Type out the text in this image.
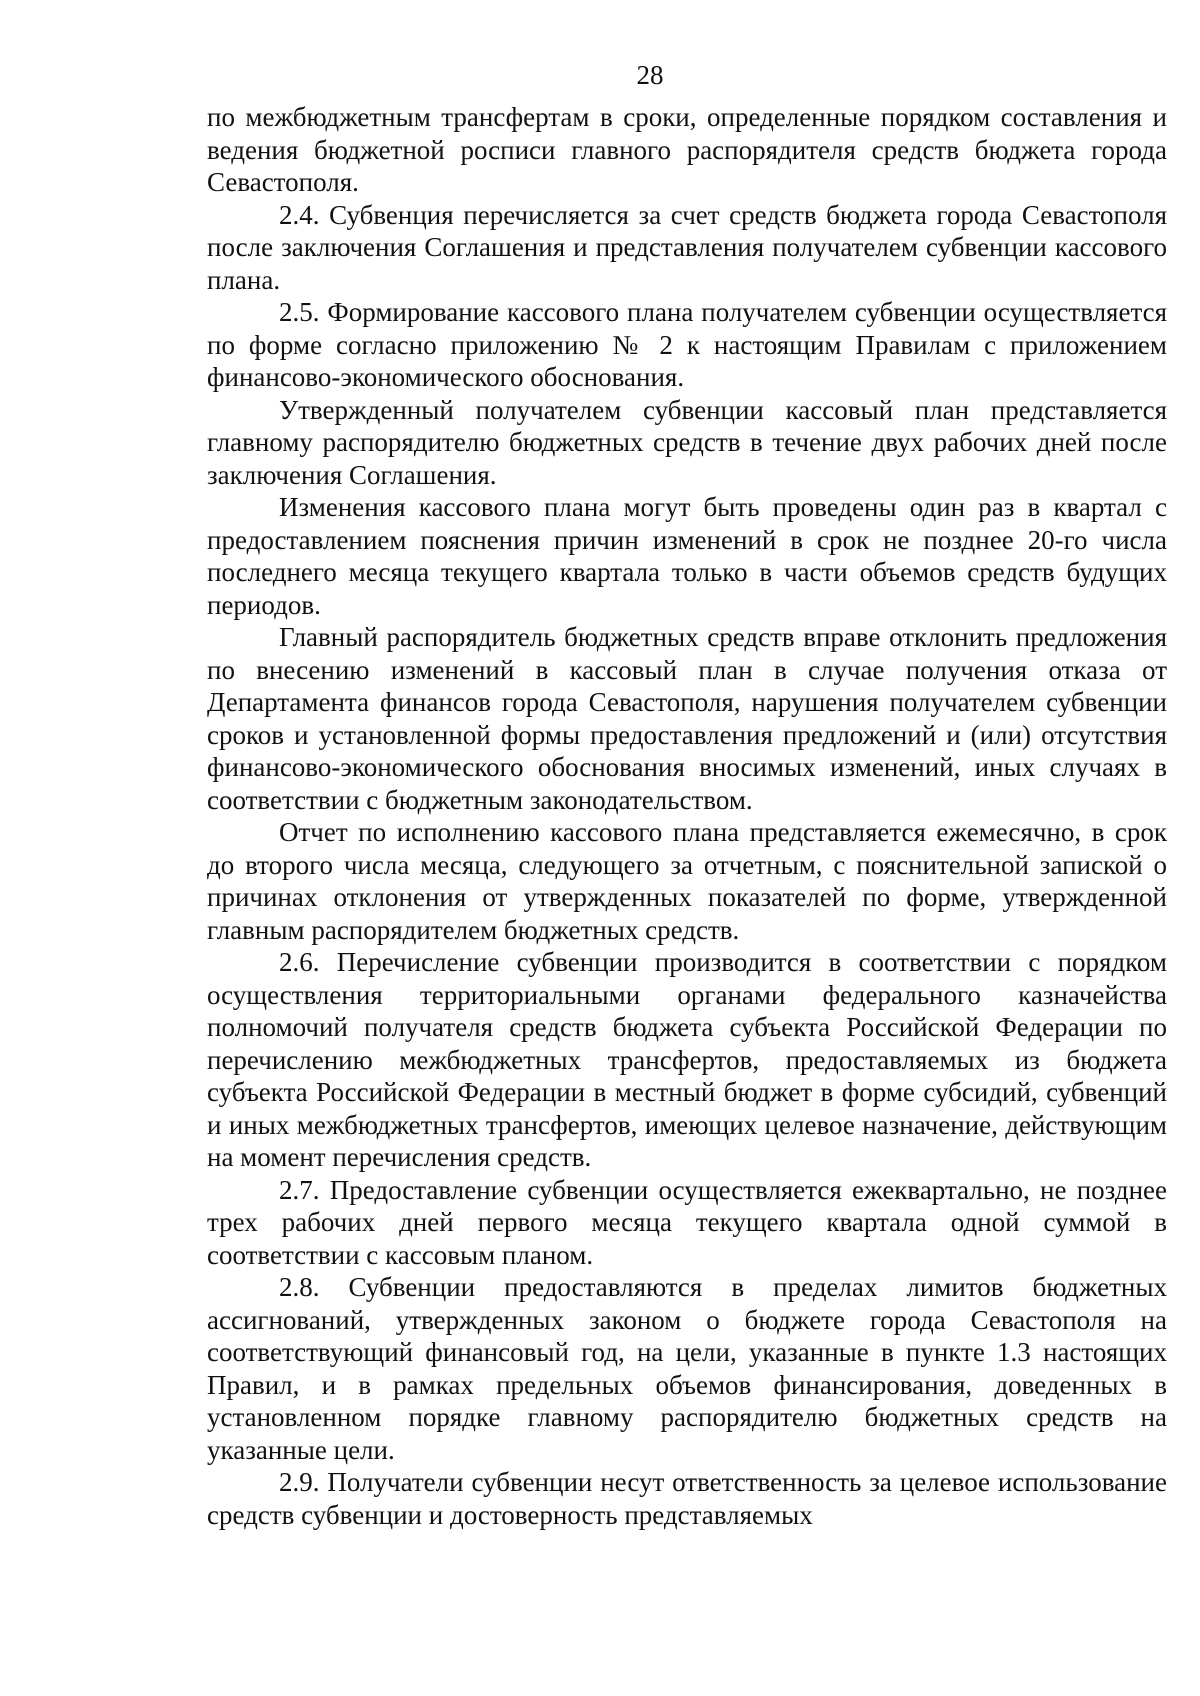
28

по межбюджетным трансфертам в сроки, определенные порядком составления и ведения бюджетной росписи главного распорядителя средств бюджета города Севастополя.

2.4. Субвенция перечисляется за счет средств бюджета города Севастополя после заключения Соглашения и представления получателем субвенции кассового плана.

2.5. Формирование кассового плана получателем субвенции осуществляется по форме согласно приложению № 2 к настоящим Правилам с приложением финансово-экономического обоснования.

Утвержденный получателем субвенции кассовый план представляется главному распорядителю бюджетных средств в течение двух рабочих дней после заключения Соглашения.

Изменения кассового плана могут быть проведены один раз в квартал с предоставлением пояснения причин изменений в срок не позднее 20-го числа последнего месяца текущего квартала только в части объемов средств будущих периодов.

Главный распорядитель бюджетных средств вправе отклонить предложения по внесению изменений в кассовый план в случае получения отказа от Департамента финансов города Севастополя, нарушения получателем субвенции сроков и установленной формы предоставления предложений и (или) отсутствия финансово-экономического обоснования вносимых изменений, иных случаях в соответствии с бюджетным законодательством.

Отчет по исполнению кассового плана представляется ежемесячно, в срок до второго числа месяца, следующего за отчетным, с пояснительной запиской о причинах отклонения от утвержденных показателей по форме, утвержденной главным распорядителем бюджетных средств.

2.6. Перечисление субвенции производится в соответствии с порядком осуществления территориальными органами федерального казначейства полномочий получателя средств бюджета субъекта Российской Федерации по перечислению межбюджетных трансфертов, предоставляемых из бюджета субъекта Российской Федерации в местный бюджет в форме субсидий, субвенций и иных межбюджетных трансфертов, имеющих целевое назначение, действующим на момент перечисления средств.

2.7. Предоставление субвенции осуществляется ежеквартально, не позднее трех рабочих дней первого месяца текущего квартала одной суммой в соответствии с кассовым планом.

2.8. Субвенции предоставляются в пределах лимитов бюджетных ассигнований, утвержденных законом о бюджете города Севастополя на соответствующий финансовый год, на цели, указанные в пункте 1.3 настоящих Правил, и в рамках предельных объемов финансирования, доведенных в установленном порядке главному распорядителю бюджетных средств на указанные цели.

2.9. Получатели субвенции несут ответственность за целевое использование средств субвенции и достоверность представляемых
